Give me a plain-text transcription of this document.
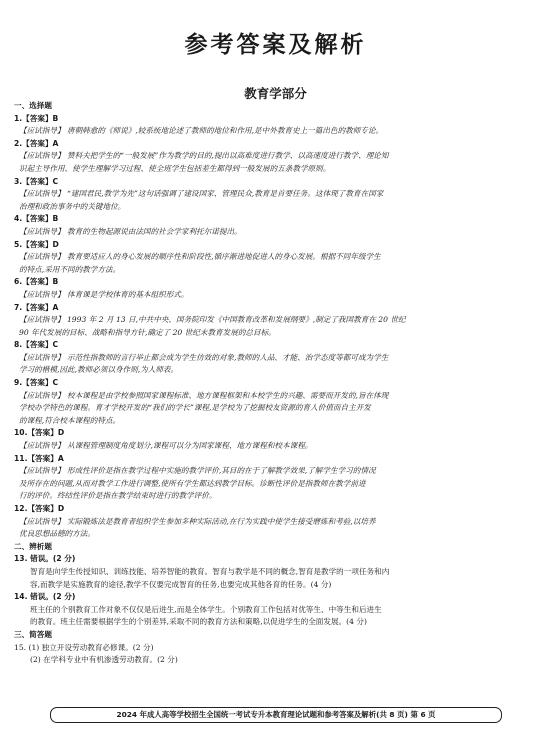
参考答案及解析
教育学部分
一、选择题
1.【答案】B
【应试指导】 唐朝韩愈的《师说》,较系统地论述了教师的地位和作用,是中外教育史上一篇出色的教师专论。
2.【答案】A
【应试指导】 赞科夫把学生的“一般发展”作为教学的目的,提出以高难度进行教学、以高速度进行教学、理论知
识起主导作用、使学生理解学习过程、使全班学生包括差生都得到一般发展的五条教学原则。
3.【答案】C
【应试指导】 “建国君民,教学为先”这句话强调了建设国家、管理民众,教育是首要任务。这体现了教育在国家
治理和政治事务中的关键地位。
4.【答案】B
【应试指导】 教育的生物起源说由法国的社会学家利托尔诺提出。
5.【答案】D
【应试指导】 教育要适应人的身心发展的顺序性和阶段性,循序渐进地促进人的身心发展。根据不同年级学生
的特点,采用不同的教学方法。
6.【答案】B
【应试指导】 体育课是学校体育的基本组织形式。
7.【答案】A
【应试指导】 1993 年 2 月 13 日,中共中央、国务院印发《中国教育改革和发展纲要》,制定了我国教育在 20 世纪
90 年代发展的目标、战略和指导方针,确定了 20 世纪末教育发展的总目标。
8.【答案】C
【应试指导】 示范性指教师的言行举止都会成为学生仿效的对象,教师的人品、才能、治学态度等都可成为学生
学习的楷模,因此,教师必须以身作则,为人师表。
9.【答案】C
【应试指导】 校本课程是由学校参照国家课程标准、地方课程框架和本校学生的兴趣、需要而开发的,旨在体现
学校办学特色的课程。育才学校开发的“我们的学长”课程,是学校为了挖掘校友资源的育人价值而自主开发
的课程,符合校本课程的特点。
10.【答案】D
【应试指导】 从课程管理制度角度划分,课程可以分为国家课程、地方课程和校本课程。
11.【答案】A
【应试指导】 形成性评价是指在教学过程中实施的教学评价,其目的在于了解教学效果,了解学生学习的情况
及所存在的问题,从而对教学工作进行调整,使所有学生都达到教学目标。诊断性评价是指教师在教学前进
行的评价。终结性评价是指在教学结束时进行的教学评价。
12.【答案】D
【应试指导】 实际锻炼法是教育者组织学生参加多种实际活动,在行为实践中使学生接受磨炼和考验,以培养
优良思想品德的方法。
二、辨析题
13. 错误。(2 分)
智育是向学生传授知识、训练技能、培养智能的教育。智育与教学是不同的概念,智育是教学的一项任务和内
容,而教学是实施教育的途径,教学不仅要完成智育的任务,也要完成其他各育的任务。(4 分)
14. 错误。(2 分)
班主任的个别教育工作对象不仅仅是后进生,而是全体学生。个别教育工作包括对优等生、中等生和后进生
的教育。班主任需要根据学生的个别差异,采取不同的教育方法和策略,以促进学生的全面发展。(4 分)
三、简答题
15. (1) 独立开设劳动教育必修课。(2 分)
(2) 在学科专业中有机渗透劳动教育。(2 分)
2024 年成人高等学校招生全国统一考试专升本教育理论试题和参考答案及解析(共 8 页) 第 6 页
